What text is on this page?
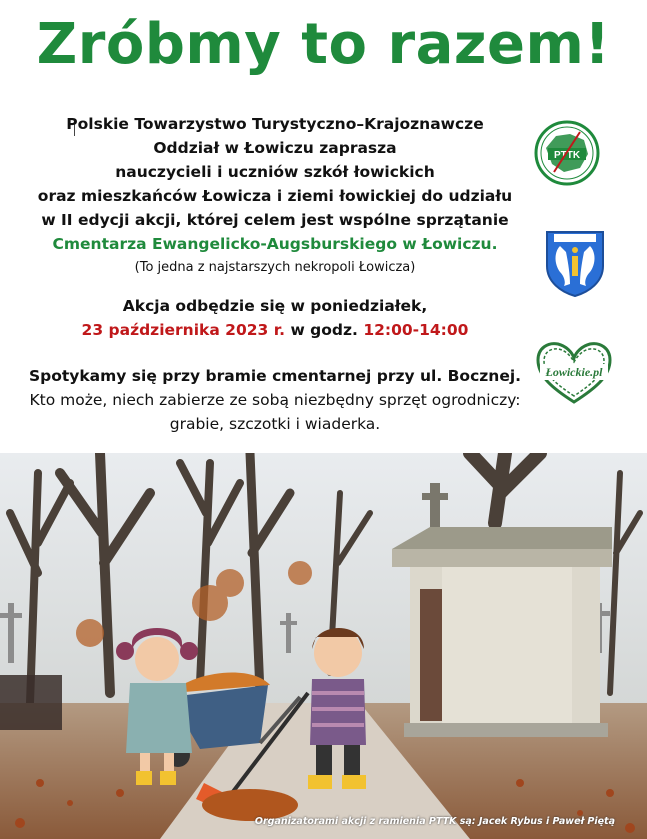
Zróbmy to razem!
Polskie Towarzystwo Turystyczno–Krajoznawcze
Oddział w Łowiczu zaprasza
nauczycieli i uczniów szkół łowickich
oraz mieszkańców Łowicza i ziemi łowickiej do udziału
w II edycji akcji, której celem jest wspólne sprzątanie
Cmentarza Ewangelicko-Augsburskiego w Łowiczu.
(To jedna z najstarszych nekropoli Łowicza)
Akcja odbędzie się w poniedziałek,
23 października 2023 r. w godz. 12:00-14:00
Spotykamy się przy bramie cmentarnej przy ul. Bocznej.
Kto może, niech zabierze ze sobą niezbędny sprzęt ogrodniczy:
grabie, szczotki i wiaderka.
PTTK
Łowickie.pl
Organizatorami akcji z ramienia PTTK są: Jacek Rybus i Paweł Piętą
